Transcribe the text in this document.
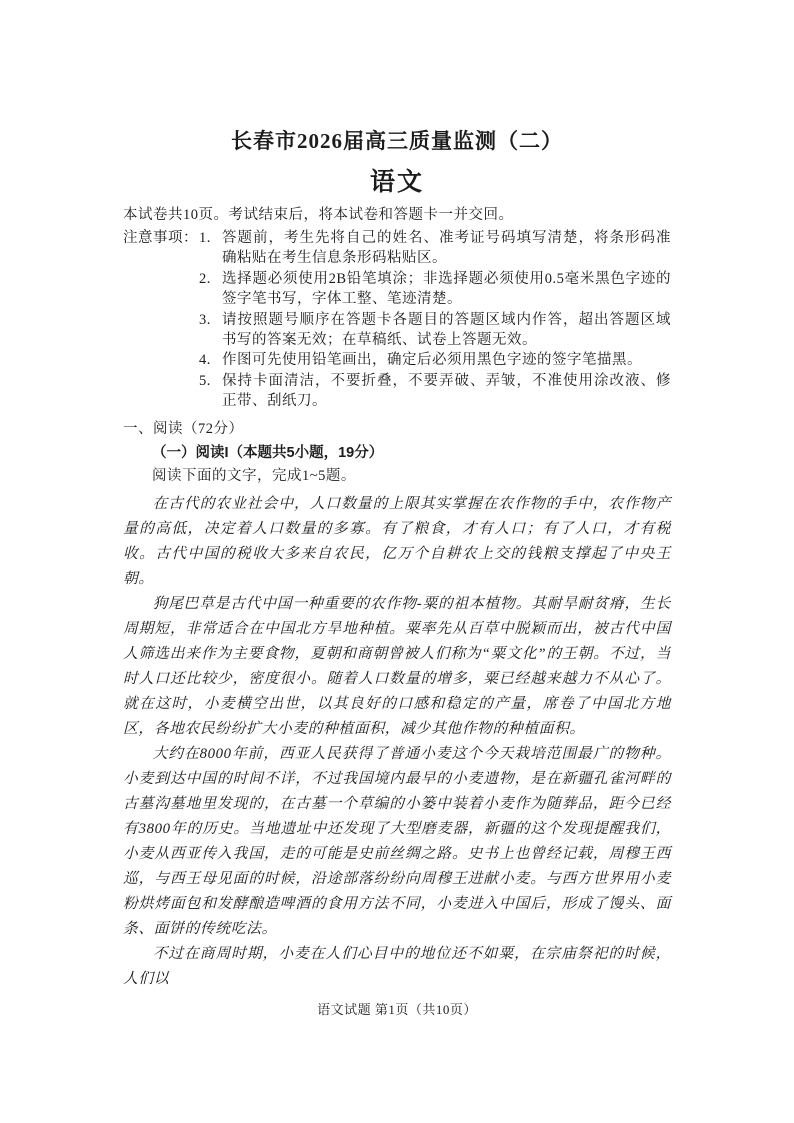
长春市2026届高三质量监测（二）
语文

本试卷共10页。考试结束后，将本试卷和答题卡一并交回。

注意事项： 1. 答题前，考生先将自己的姓名、准考证号码填写清楚，将条形码准确粘贴在考生信息条形码粘贴区。
2. 选择题必须使用2B铅笔填涂；非选择题必须使用0.5毫米黑色字迹的签字笔书写，字体工整、笔迹清楚。
3. 请按照题号顺序在答题卡各题目的答题区域内作答，超出答题区域书写的答案无效；在草稿纸、试卷上答题无效。
4. 作图可先使用铅笔画出，确定后必须用黑色字迹的签字笔描黑。
5. 保持卡面清洁，不要折叠，不要弄破、弄皱，不准使用涂改液、修正带、刮纸刀。
一、阅读（72分）
（一）阅读I（本题共5小题，19分）

阅读下面的文字，完成1~5题。

在古代的农业社会中，人口数量的上限其实掌握在农作物的手中，农作物产量的高低，决定着人口数量的多寡。有了粮食，才有人口；有了人口，才有税收。古代中国的税收大多来自农民，亿万个自耕农上交的钱粮支撑起了中央王朝。

狗尾巴草是古代中国一种重要的农作物-粟的祖本植物。其耐旱耐贫瘠，生长周期短，非常适合在中国北方旱地种植。粟率先从百草中脱颖而出，被古代中国人筛选出来作为主要食物，夏朝和商朝曾被人们称为“粟文化”的王朝。不过，当时人口还比较少，密度很小。随着人口数量的增多，粟已经越来越力不从心了。就在这时，小麦横空出世，以其良好的口感和稳定的产量，席卷了中国北方地区，各地农民纷纷扩大小麦的种植面积，减少其他作物的种植面积。

大约在8000年前，西亚人民获得了普通小麦这个今天栽培范围最广的物种。小麦到达中国的时间不详，不过我国境内最早的小麦遗物，是在新疆孔雀河畔的古墓沟墓地里发现的，在古墓一个草编的小篓中装着小麦作为随葬品，距今已经有3800年的历史。当地遗址中还发现了大型磨麦器，新疆的这个发现提醒我们，小麦从西亚传入我国，走的可能是史前丝绸之路。史书上也曾经记载，周穆王西巡，与西王母见面的时候，沿途部落纷纷向周穆王进献小麦。与西方世界用小麦粉烘烤面包和发酵酿造啤酒的食用方法不同，小麦进入中国后，形成了馒头、面条、面饼的传统吃法。

不过在商周时期，小麦在人们心目中的地位还不如粟，在宗庙祭祀的时候，人们以

语文试题 第1页（共10页）
